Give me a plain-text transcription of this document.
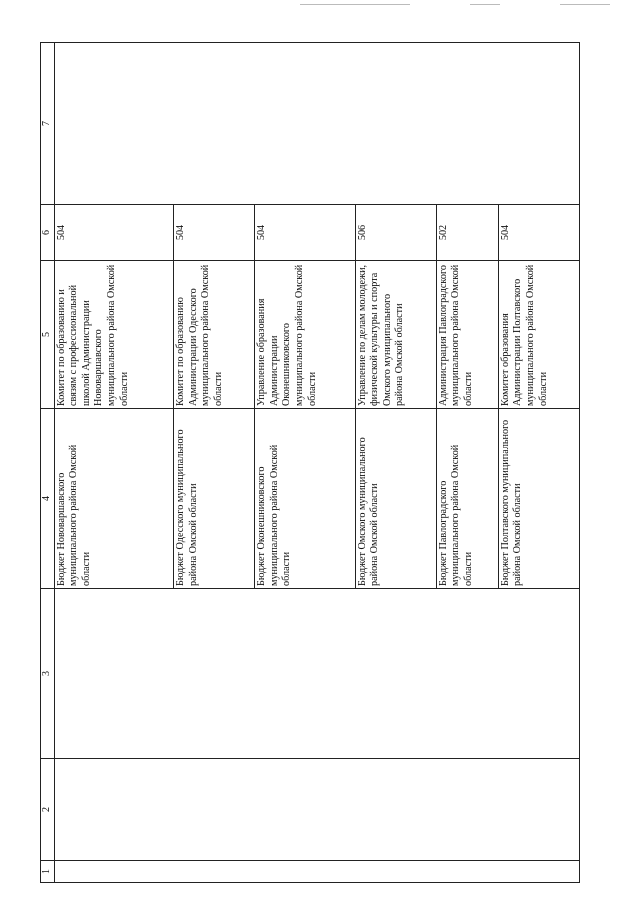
1	2	3	4	5	6	7
			Бюджет Нововаршавского муниципального района Омской области	Комитет по образованию и связям с профессиональной школой Администрации Нововаршавского муниципального района Омской области	504	
			Бюджет Одесского муниципального района Омской области	Комитет по образованию Администрации Одесского муниципального района Омской области	504	
			Бюджет Оконешниковского муниципального района Омской области	Управление образования Администрации Оконешниковского муниципального района Омской области	504	
			Бюджет Омского муниципального района Омской области	Управление по делам молодежи, физической культуры и спорта Омского муниципального района Омской области	506	
			Бюджет Павлоградского муниципального района Омской области	Администрация Павлоградского муниципального района Омской области	502	
			Бюджет Полтавского муниципального района Омской области	Комитет образования Администрации Полтавского муниципального района Омской области	504	
